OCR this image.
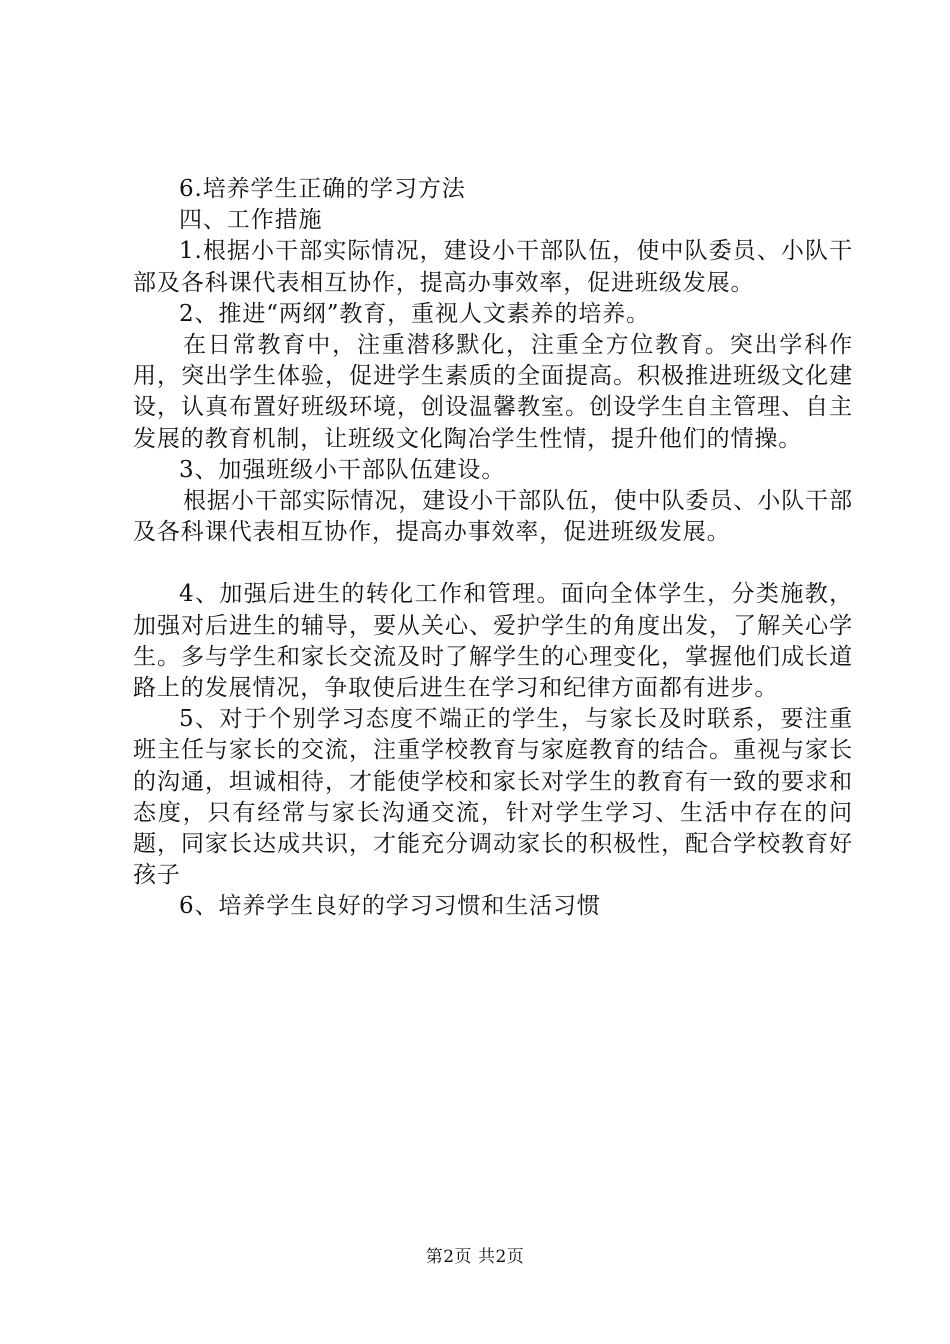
6.培养学生正确的学习方法

四、工作措施

1.根据小干部实际情况，建设小干部队伍，使中队委员、小队干部及各科课代表相互协作，提高办事效率，促进班级发展。

2、推进“两纲”教育，重视人文素养的培养。

在日常教育中，注重潜移默化，注重全方位教育。突出学科作用，突出学生体验，促进学生素质的全面提高。积极推进班级文化建设，认真布置好班级环境，创设温馨教室。创设学生自主管理、自主发展的教育机制，让班级文化陶冶学生性情，提升他们的情操。

3、加强班级小干部队伍建设。

根据小干部实际情况，建设小干部队伍，使中队委员、小队干部及各科课代表相互协作，提高办事效率，促进班级发展。

4、加强后进生的转化工作和管理。面向全体学生，分类施教，加强对后进生的辅导，要从关心、爱护学生的角度出发，了解关心学生。多与学生和家长交流及时了解学生的心理变化，掌握他们成长道路上的发展情况，争取使后进生在学习和纪律方面都有进步。

5、对于个别学习态度不端正的学生，与家长及时联系，要注重班主任与家长的交流，注重学校教育与家庭教育的结合。重视与家长的沟通，坦诚相待，才能使学校和家长对学生的教育有一致的要求和态度，只有经常与家长沟通交流，针对学生学习、生活中存在的问题，同家长达成共识，才能充分调动家长的积极性，配合学校教育好孩子

6、培养学生良好的学习习惯和生活习惯

第2页 共2页
